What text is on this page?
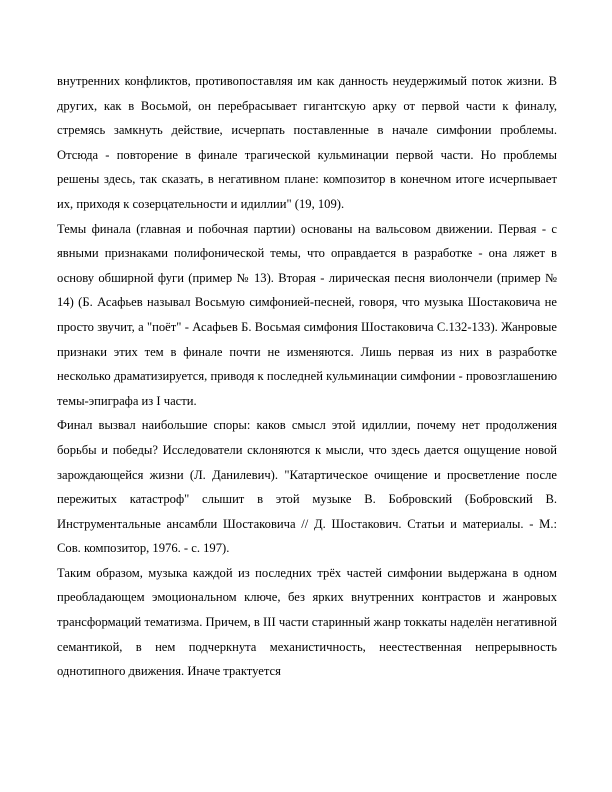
внутренних конфликтов, противопоставляя им как данность неудержимый поток жизни. В других, как в Восьмой, он перебрасывает гигантскую арку от первой части к финалу, стремясь замкнуть действие, исчерпать поставленные в начале симфонии проблемы. Отсюда - повторение в финале трагической кульминации первой части. Но проблемы решены здесь, так сказать, в негативном плане: композитор в конечном итоге исчерпывает их, приходя к созерцательности и идиллии" (19, 109).

Темы финала (главная и побочная партии) основаны на вальсовом движении. Первая - с явными признаками полифонической темы, что оправдается в разработке - она ляжет в основу обширной фуги (пример № 13). Вторая - лирическая песня виолончели (пример № 14) (Б. Асафьев называл Восьмую симфонией-песней, говоря, что музыка Шостаковича не просто звучит, а "поёт" - Асафьев Б. Восьмая симфония Шостаковича С.132-133). Жанровые признаки этих тем в финале почти не изменяются. Лишь первая из них в разработке несколько драматизируется, приводя к последней кульминации симфонии - провозглашению темы-эпиграфа из I части.

Финал вызвал наибольшие споры: каков смысл этой идиллии, почему нет продолжения борьбы и победы? Исследователи склоняются к мысли, что здесь дается ощущение новой зарождающейся жизни (Л. Данилевич). "Катартическое очищение и просветление после пережитых катастроф" слышит в этой музыке В. Бобровский (Бобровский В. Инструментальные ансамбли Шостаковича // Д. Шостакович. Статьи и материалы. - М.: Сов. композитор, 1976. - с. 197).

Таким образом, музыка каждой из последних трёх частей симфонии выдержана в одном преобладающем эмоциональном ключе, без ярких внутренних контрастов и жанровых трансформаций тематизма. Причем, в III части старинный жанр токкаты наделён негативной семантикой, в нем подчеркнута механистичность, неестественная непрерывность однотипного движения. Иначе трактуется
